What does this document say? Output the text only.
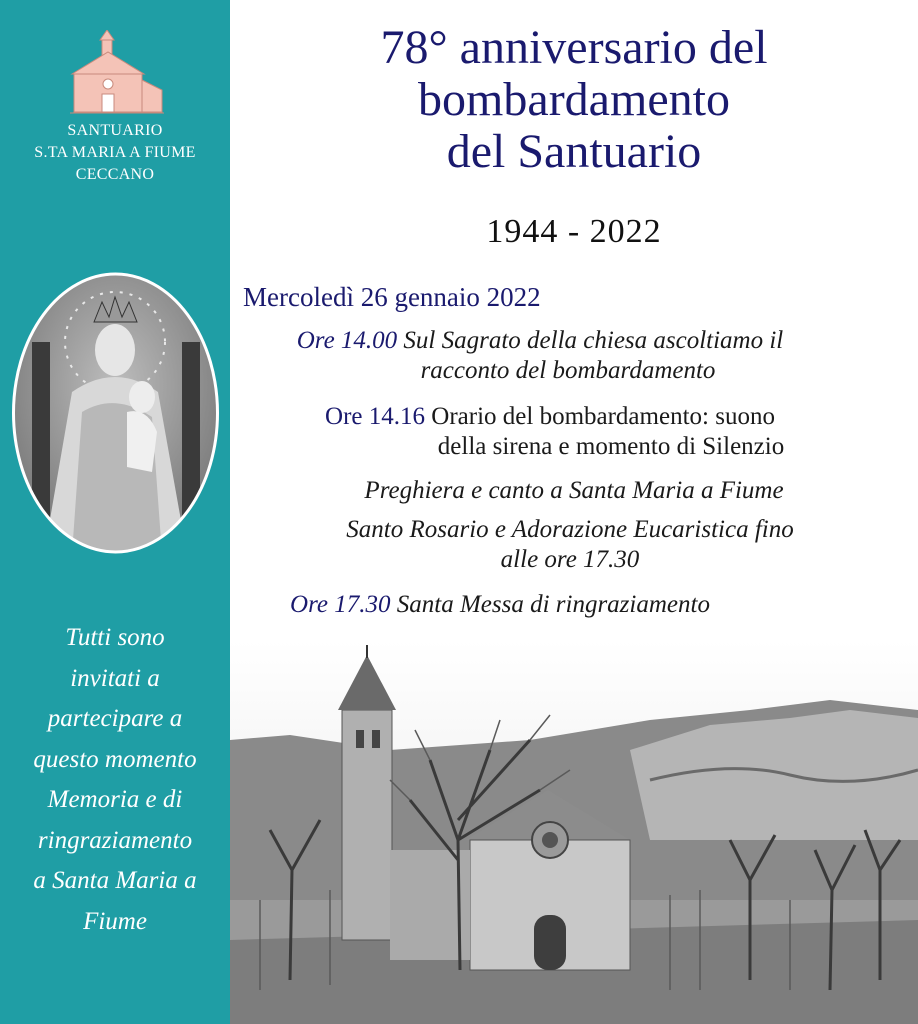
SANTUARIO
S.TA MARIA A FIUME
CECCANO
Tutti sono
invitati a
partecipare a
questo momento
Memoria e di
ringraziamento
a Santa Maria a
Fiume
78° anniversario del
bombardamento
del Santuario
1944 - 2022
Mercoledì 26 gennaio 2022
Ore 14.00 Sul Sagrato della chiesa ascoltiamo il
racconto del bombardamento
Ore 14.16 Orario del bombardamento: suono
della sirena e momento di Silenzio
Preghiera e canto a Santa Maria a Fiume
Santo Rosario e Adorazione Eucaristica fino
alle ore 17.30
Ore 17.30 Santa Messa di ringraziamento
